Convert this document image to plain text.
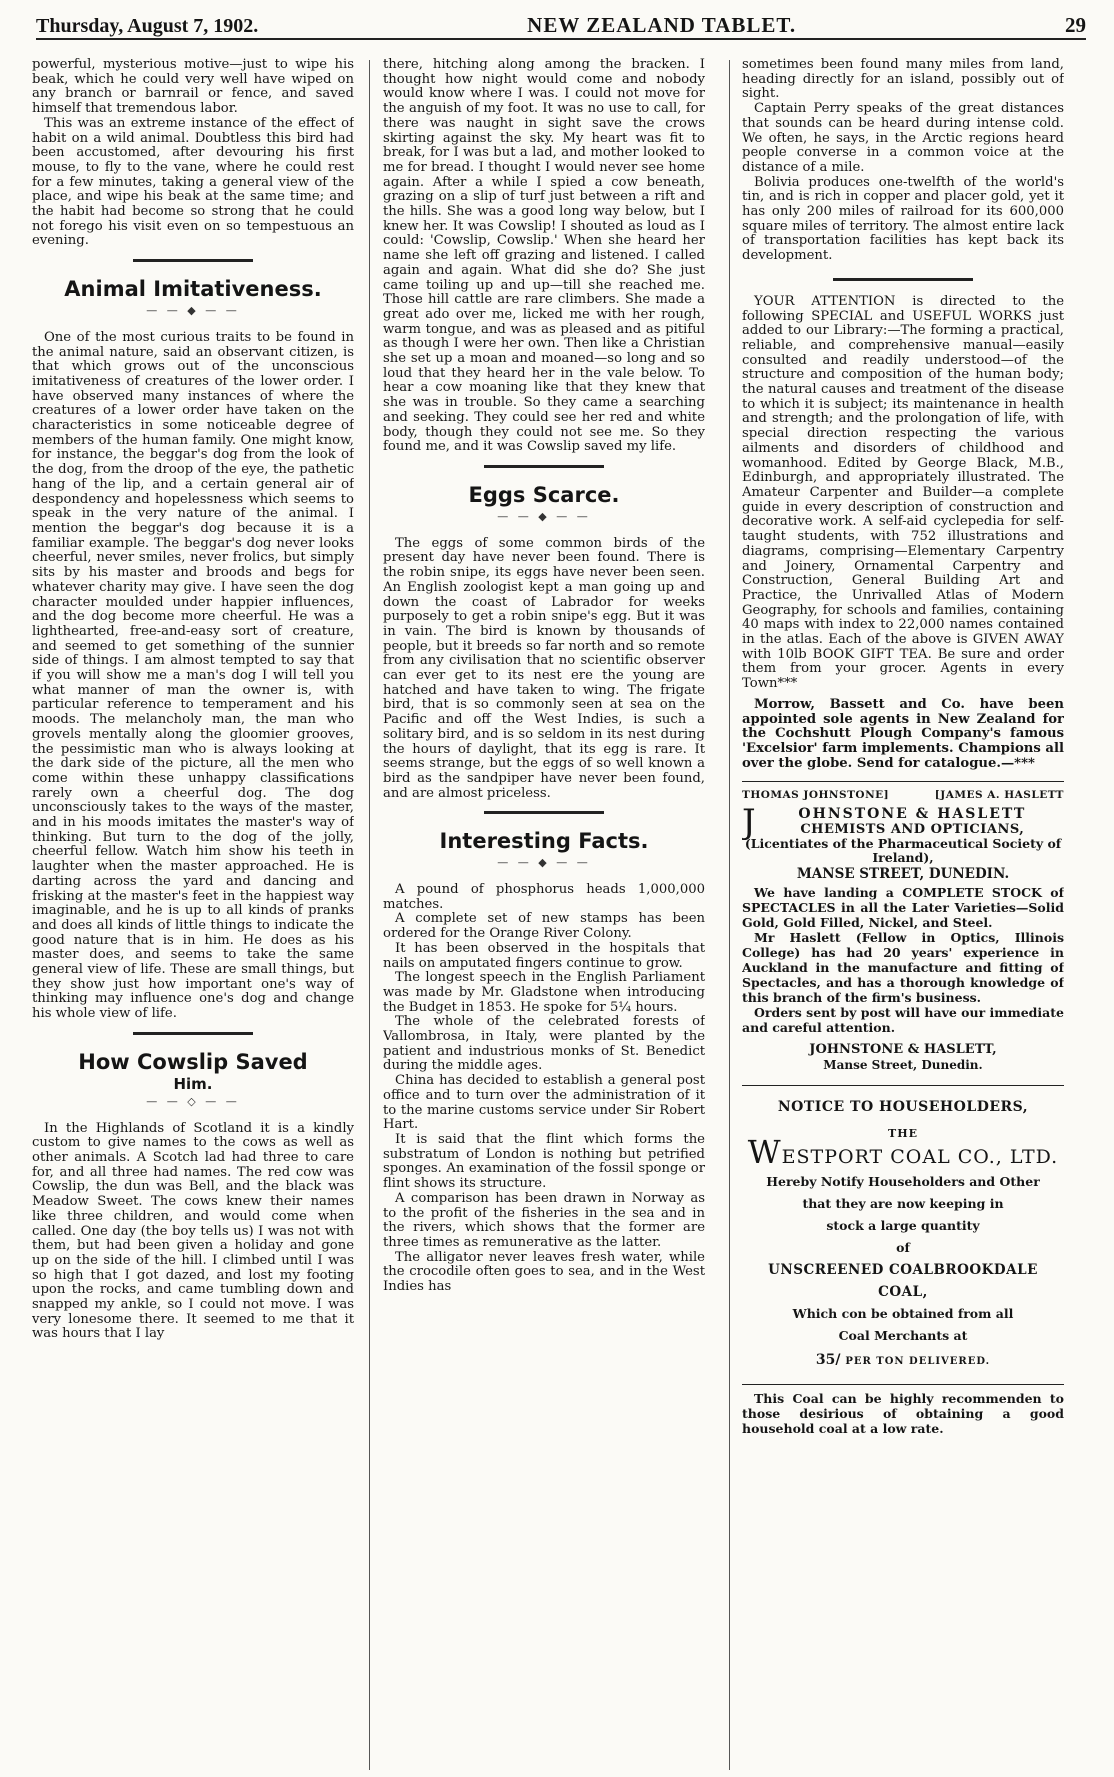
Thursday, August 7, 1902.	NEW ZEALAND TABLET.	29

powerful, mysterious motive—just to wipe his beak, which he could very well have wiped on any branch or barnrail or fence, and saved himself that tremendous labor.

This was an extreme instance of the effect of habit on a wild animal. Doubtless this bird had been accustomed, after devouring his first mouse, to fly to the vane, where he could rest for a few minutes, taking a general view of the place, and wipe his beak at the same time; and the habit had become so strong that he could not forego his visit even on so tempestuous an evening.

Animal Imitativeness.
— — ◆ — —

One of the most curious traits to be found in the animal nature, said an observant citizen, is that which grows out of the unconscious imitativeness of creatures of the lower order. I have observed many instances of where the creatures of a lower order have taken on the characteristics in some noticeable degree of members of the human family. One might know, for instance, the beggar's dog from the look of the dog, from the droop of the eye, the pathetic hang of the lip, and a certain general air of despondency and hopelessness which seems to speak in the very nature of the animal. I mention the beggar's dog because it is a familiar example. The beggar's dog never looks cheerful, never smiles, never frolics, but simply sits by his master and broods and begs for whatever charity may give. I have seen the dog character moulded under happier influences, and the dog become more cheerful. He was a lighthearted, free-and-easy sort of creature, and seemed to get something of the sunnier side of things. I am almost tempted to say that if you will show me a man's dog I will tell you what manner of man the owner is, with particular reference to temperament and his moods. The melancholy man, the man who grovels mentally along the gloomier grooves, the pessimistic man who is always looking at the dark side of the picture, all the men who come within these unhappy classifications rarely own a cheerful dog. The dog unconsciously takes to the ways of the master, and in his moods imitates the master's way of thinking. But turn to the dog of the jolly, cheerful fellow. Watch him show his teeth in laughter when the master approached. He is darting across the yard and dancing and frisking at the master's feet in the happiest way imaginable, and he is up to all kinds of pranks and does all kinds of little things to indicate the good nature that is in him. He does as his master does, and seems to take the same general view of life. These are small things, but they show just how important one's way of thinking may influence one's dog and change his whole view of life.

How Cowslip Saved
Him.
— — ◇ — —

In the Highlands of Scotland it is a kindly custom to give names to the cows as well as other animals. A Scotch lad had three to care for, and all three had names. The red cow was Cowslip, the dun was Bell, and the black was Meadow Sweet. The cows knew their names like three children, and would come when called. One day (the boy tells us) I was not with them, but had been given a holiday and gone up on the side of the hill. I climbed until I was so high that I got dazed, and lost my footing upon the rocks, and came tumbling down and snapped my ankle, so I could not move. I was very lonesome there. It seemed to me that it was hours that I lay

there, hitching along among the bracken. I thought how night would come and nobody would know where I was. I could not move for the anguish of my foot. It was no use to call, for there was naught in sight save the crows skirting against the sky. My heart was fit to break, for I was but a lad, and mother looked to me for bread. I thought I would never see home again. After a while I spied a cow beneath, grazing on a slip of turf just between a rift and the hills. She was a good long way below, but I knew her. It was Cowslip! I shouted as loud as I could: 'Cowslip, Cowslip.' When she heard her name she left off grazing and listened. I called again and again. What did she do? She just came toiling up and up—till she reached me. Those hill cattle are rare climbers. She made a great ado over me, licked me with her rough, warm tongue, and was as pleased and as pitiful as though I were her own. Then like a Christian she set up a moan and moaned—so long and so loud that they heard her in the vale below. To hear a cow moaning like that they knew that she was in trouble. So they came a searching and seeking. They could see her red and white body, though they could not see me. So they found me, and it was Cowslip saved my life.

Eggs Scarce.
— — ◆ — —

The eggs of some common birds of the present day have never been found. There is the robin snipe, its eggs have never been seen. An English zoologist kept a man going up and down the coast of Labrador for weeks purposely to get a robin snipe's egg. But it was in vain. The bird is known by thousands of people, but it breeds so far north and so remote from any civilisation that no scientific observer can ever get to its nest ere the young are hatched and have taken to wing. The frigate bird, that is so commonly seen at sea on the Pacific and off the West Indies, is such a solitary bird, and is so seldom in its nest during the hours of daylight, that its egg is rare. It seems strange, but the eggs of so well known a bird as the sandpiper have never been found, and are almost priceless.

Interesting Facts.
— — ◆ — —

A pound of phosphorus heads 1,000,000 matches.

A complete set of new stamps has been ordered for the Orange River Colony.

It has been observed in the hospitals that nails on amputated fingers continue to grow.

The longest speech in the English Parliament was made by Mr. Gladstone when introducing the Budget in 1853. He spoke for 5¼ hours.

The whole of the celebrated forests of Vallombrosa, in Italy, were planted by the patient and industrious monks of St. Benedict during the middle ages.

China has decided to establish a general post office and to turn over the administration of it to the marine customs service under Sir Robert Hart.

It is said that the flint which forms the substratum of London is nothing but petrified sponges. An examination of the fossil sponge or flint shows its structure.

A comparison has been drawn in Norway as to the profit of the fisheries in the sea and in the rivers, which shows that the former are three times as remunerative as the latter.

The alligator never leaves fresh water, while the crocodile often goes to sea, and in the West Indies has

sometimes been found many miles from land, heading directly for an island, possibly out of sight.

Captain Perry speaks of the great distances that sounds can be heard during intense cold. We often, he says, in the Arctic regions heard people converse in a common voice at the distance of a mile.

Bolivia produces one-twelfth of the world's tin, and is rich in copper and placer gold, yet it has only 200 miles of railroad for its 600,000 square miles of territory. The almost entire lack of transportation facilities has kept back its development.

YOUR ATTENTION is directed to the following SPECIAL and USEFUL WORKS just added to our Library:—The forming a practical, reliable, and comprehensive manual—easily consulted and readily understood—of the structure and composition of the human body; the natural causes and treatment of the disease to which it is subject; its maintenance in health and strength; and the prolongation of life, with special direction respecting the various ailments and disorders of childhood and womanhood. Edited by George Black, M.B., Edinburgh, and appropriately illustrated. The Amateur Carpenter and Builder—a complete guide in every description of construction and decorative work. A self-aid cyclepedia for self-taught students, with 752 illustrations and diagrams, comprising—Elementary Carpentry and Joinery, Ornamental Carpentry and Construction, General Building Art and Practice, the Unrivalled Atlas of Modern Geography, for schools and families, containing 40 maps with index to 22,000 names contained in the atlas. Each of the above is GIVEN AWAY with 10lb BOOK GIFT TEA. Be sure and order them from your grocer. Agents in every Town***

Morrow, Bassett and Co. have been appointed sole agents in New Zealand for the Cochshutt Plough Company's famous 'Excelsior' farm implements. Champions all over the globe. Send for catalogue.—***

THOMAS JOHNSTONE]	[JAMES A. HASLETT
J	OHNSTONE & HASLETT
CHEMISTS AND OPTICIANS,
(Licentiates of the Pharmaceutical Society of Ireland),
MANSE STREET, DUNEDIN.
We have landing a COMPLETE STOCK of SPECTACLES in all the Later Varieties—Solid Gold, Gold Filled, Nickel, and Steel.
Mr Haslett (Fellow in Optics, Illinois College) has had 20 years' experience in Auckland in the manufacture and fitting of Spectacles, and has a thorough knowledge of this branch of the firm's business.
Orders sent by post will have our immediate and careful attention.
JOHNSTONE & HASLETT,
Manse Street, Dunedin.
NOTICE TO HOUSEHOLDERS,
THE
WESTPORT COAL CO., LTD.
Hereby Notify Householders and Other
that they are now keeping in
stock a large quantity
of
UNSCREENED COALBROOKDALE
COAL,
Which con be obtained from all
Coal Merchants at
35/ PER TON DELIVERED.
This Coal can be highly recommenden to those desirious of obtaining a good household coal at a low rate.
